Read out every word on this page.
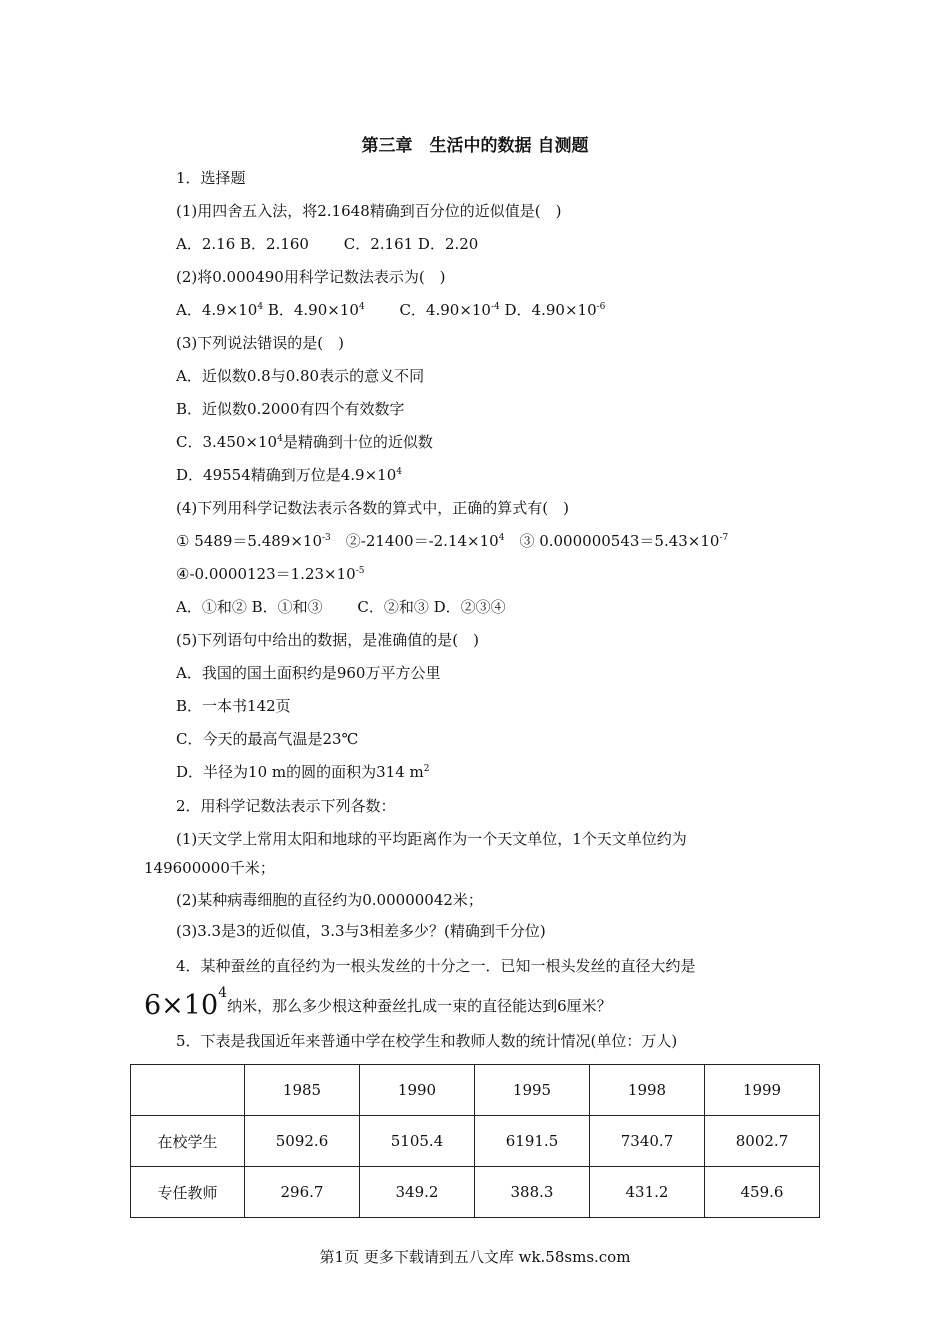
第三章　生活中的数据 自测题
1．选择题
(1)用四舍五入法，将2.1648精确到百分位的近似值是(　)
A．2.16 B．2.160　　 C．2.161 D．2.20
(2)将0.000490用科学记数法表示为(　)
A．$4.9\times 10^4$ B．$4.90\times 10^4$　　 C．$4.90\times 10^{-4}$ D．$4.90\times 10^{-6}$
(3)下列说法错误的是(　)
A．近似数0.8与0.80表示的意义不同
B．近似数0.2000有四个有效数字
C．$3.450\times 10^4$是精确到十位的近似数
D．49554精确到万位是$4.9\times 10^4$
(4)下列用科学记数法表示各数的算式中，正确的算式有(　)
① $5489=5.489\times 10^{-3}$　$②-21400=-2.14\times 10^4$　③ $0.000000543=5.43\times 10^{-7}$
$④-0.0000123=1.23\times 10^{-5}$
A．①和② B．①和③　　 C．②和③ D．②③④
(5)下列语句中给出的数据，是准确值的是(　)
A．我国的国土面积约是960万平方公里
B．一本书142页
C．今天的最高气温是23℃
D．半径为10 m的圆的面积为314 $m^2$
2．用科学记数法表示下列各数：
(1)天文学上常用太阳和地球的平均距离作为一个天文单位，1个天文单位约为
149600000千米；
(2)某种病毒细胞的直径约为0.00000042米；
(3)3.3是3的近似值，3.3与3相差多少？(精确到千分位)
4．某种蚕丝的直径约为一根头发丝的十分之一．已知一根头发丝的直径大约是
6×104纳米，那么多少根这种蚕丝扎成一束的直径能达到6厘米？
5．下表是我国近年来普通中学在校学生和教师人数的统计情况(单位：万人)
	1985	1990	1995	1998	1999
在校学生	5092.6	5105.4	6191.5	7340.7	8002.7
专任教师	296.7	349.2	388.3	431.2	459.6
第1页 更多下载请到五八文库 wk.58sms.com
